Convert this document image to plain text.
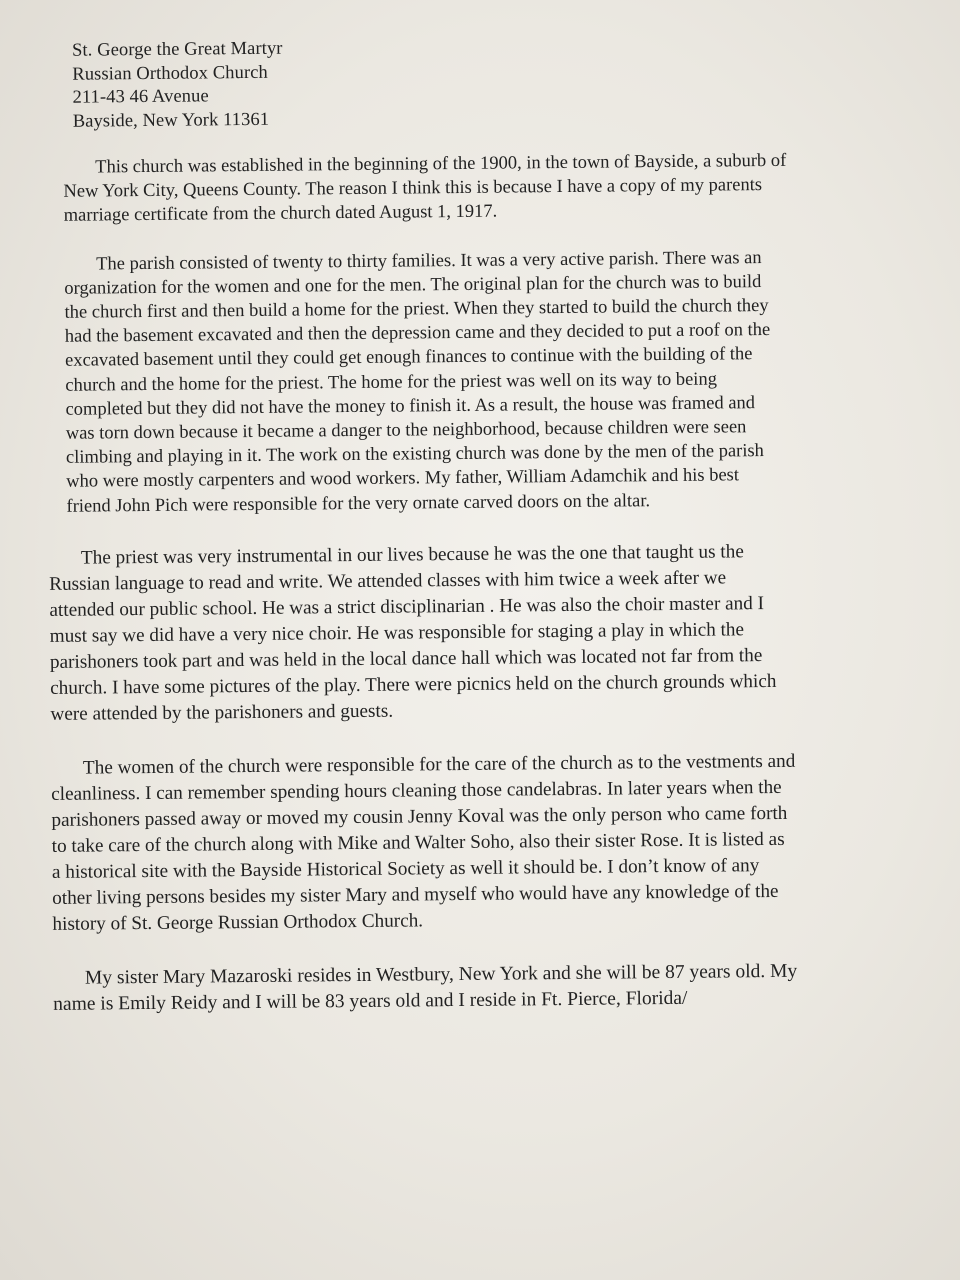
St. George the Great Martyr
Russian Orthodox Church
211-43 46 Avenue
Bayside, New York 11361
This church was established in the beginning of the 1900, in the town of Bayside, a suburb of
New York City, Queens County. The reason I think this is because I have a copy of my parents
marriage certificate from the church dated August 1, 1917.
The parish consisted of twenty to thirty families. It was a very active parish. There was an
organization for the women and one for the men. The original plan for the church was to build
the church first and then build a home for the priest. When they started to build the church they
had the basement excavated and then the depression came and they decided to put a roof on the
excavated basement until they could get enough finances to continue with the building of the
church and the home for the priest. The home for the priest was well on its way to being
completed but they did not have the money to finish it. As a result, the house was framed and
was torn down because it became a danger to the neighborhood, because children were seen
climbing and playing in it. The work on the existing church was done by the men of the parish
who were mostly carpenters and wood workers. My father, William Adamchik and his best
friend John Pich were responsible for the very ornate carved doors on the altar.
The priest was very instrumental in our lives because he was the one that taught us the
Russian language to read and write. We attended classes with him twice a week after we
attended our public school. He was a strict disciplinarian . He was also the choir master and I
must say we did have a very nice choir. He was responsible for staging a play in which the
parishoners took part and was held in the local dance hall which was located not far from the
church. I have some pictures of the play. There were picnics held on the church grounds which
were attended by the parishoners and guests.
The women of the church were responsible for the care of the church as to the vestments and
cleanliness. I can remember spending hours cleaning those candelabras. In later years when the
parishoners passed away or moved my cousin Jenny Koval was the only person who came forth
to take care of the church along with Mike and Walter Soho, also their sister Rose. It is listed as
a historical site with the Bayside Historical Society as well it should be. I don’t know of any
other living persons besides my sister Mary and myself who would have any knowledge of the
history of St. George Russian Orthodox Church.
My sister Mary Mazaroski resides in Westbury, New York and she will be 87 years old. My
name is Emily Reidy and I will be 83 years old and I reside in Ft. Pierce, Florida/
